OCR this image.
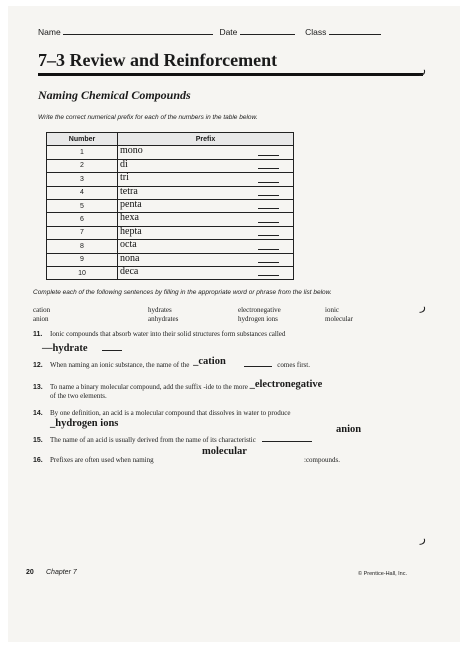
Name	Date	Class
7–3 Review and Reinforcement
Naming Chemical Compounds
Write the correct numerical prefix for each of the numbers in the table below.
Number	Prefix
1	mono

2	di

3	tri

4	tetra

5	penta

6	hexa

7	hepta

8	octa

9	nona

10	deca
Complete each of the following sentences by filling in the appropriate word or phrase from the list below.
cation	hydrates	electronegative	ionic
anion	anhydrates	hydrogen ions	molecular
11. Ionic compounds that absorb water into their solid structures form substances called
—hydrate
12. When naming an ionic substance, the name of the _cation	comes first.
13. To name a binary molecular compound, add the suffix -ide to the more _electronegative
of the two elements.
14. By one definition, an acid is a molecular compound that dissolves in water to produce
_hydrogen ions
15. The name of an acid is usually derived from the name of its characteristic
anion
16. Prefixes are often used when naming
molecular
:compounds.
20 Chapter 7	© Prentice-Hall, Inc.
ر
ر
ر
